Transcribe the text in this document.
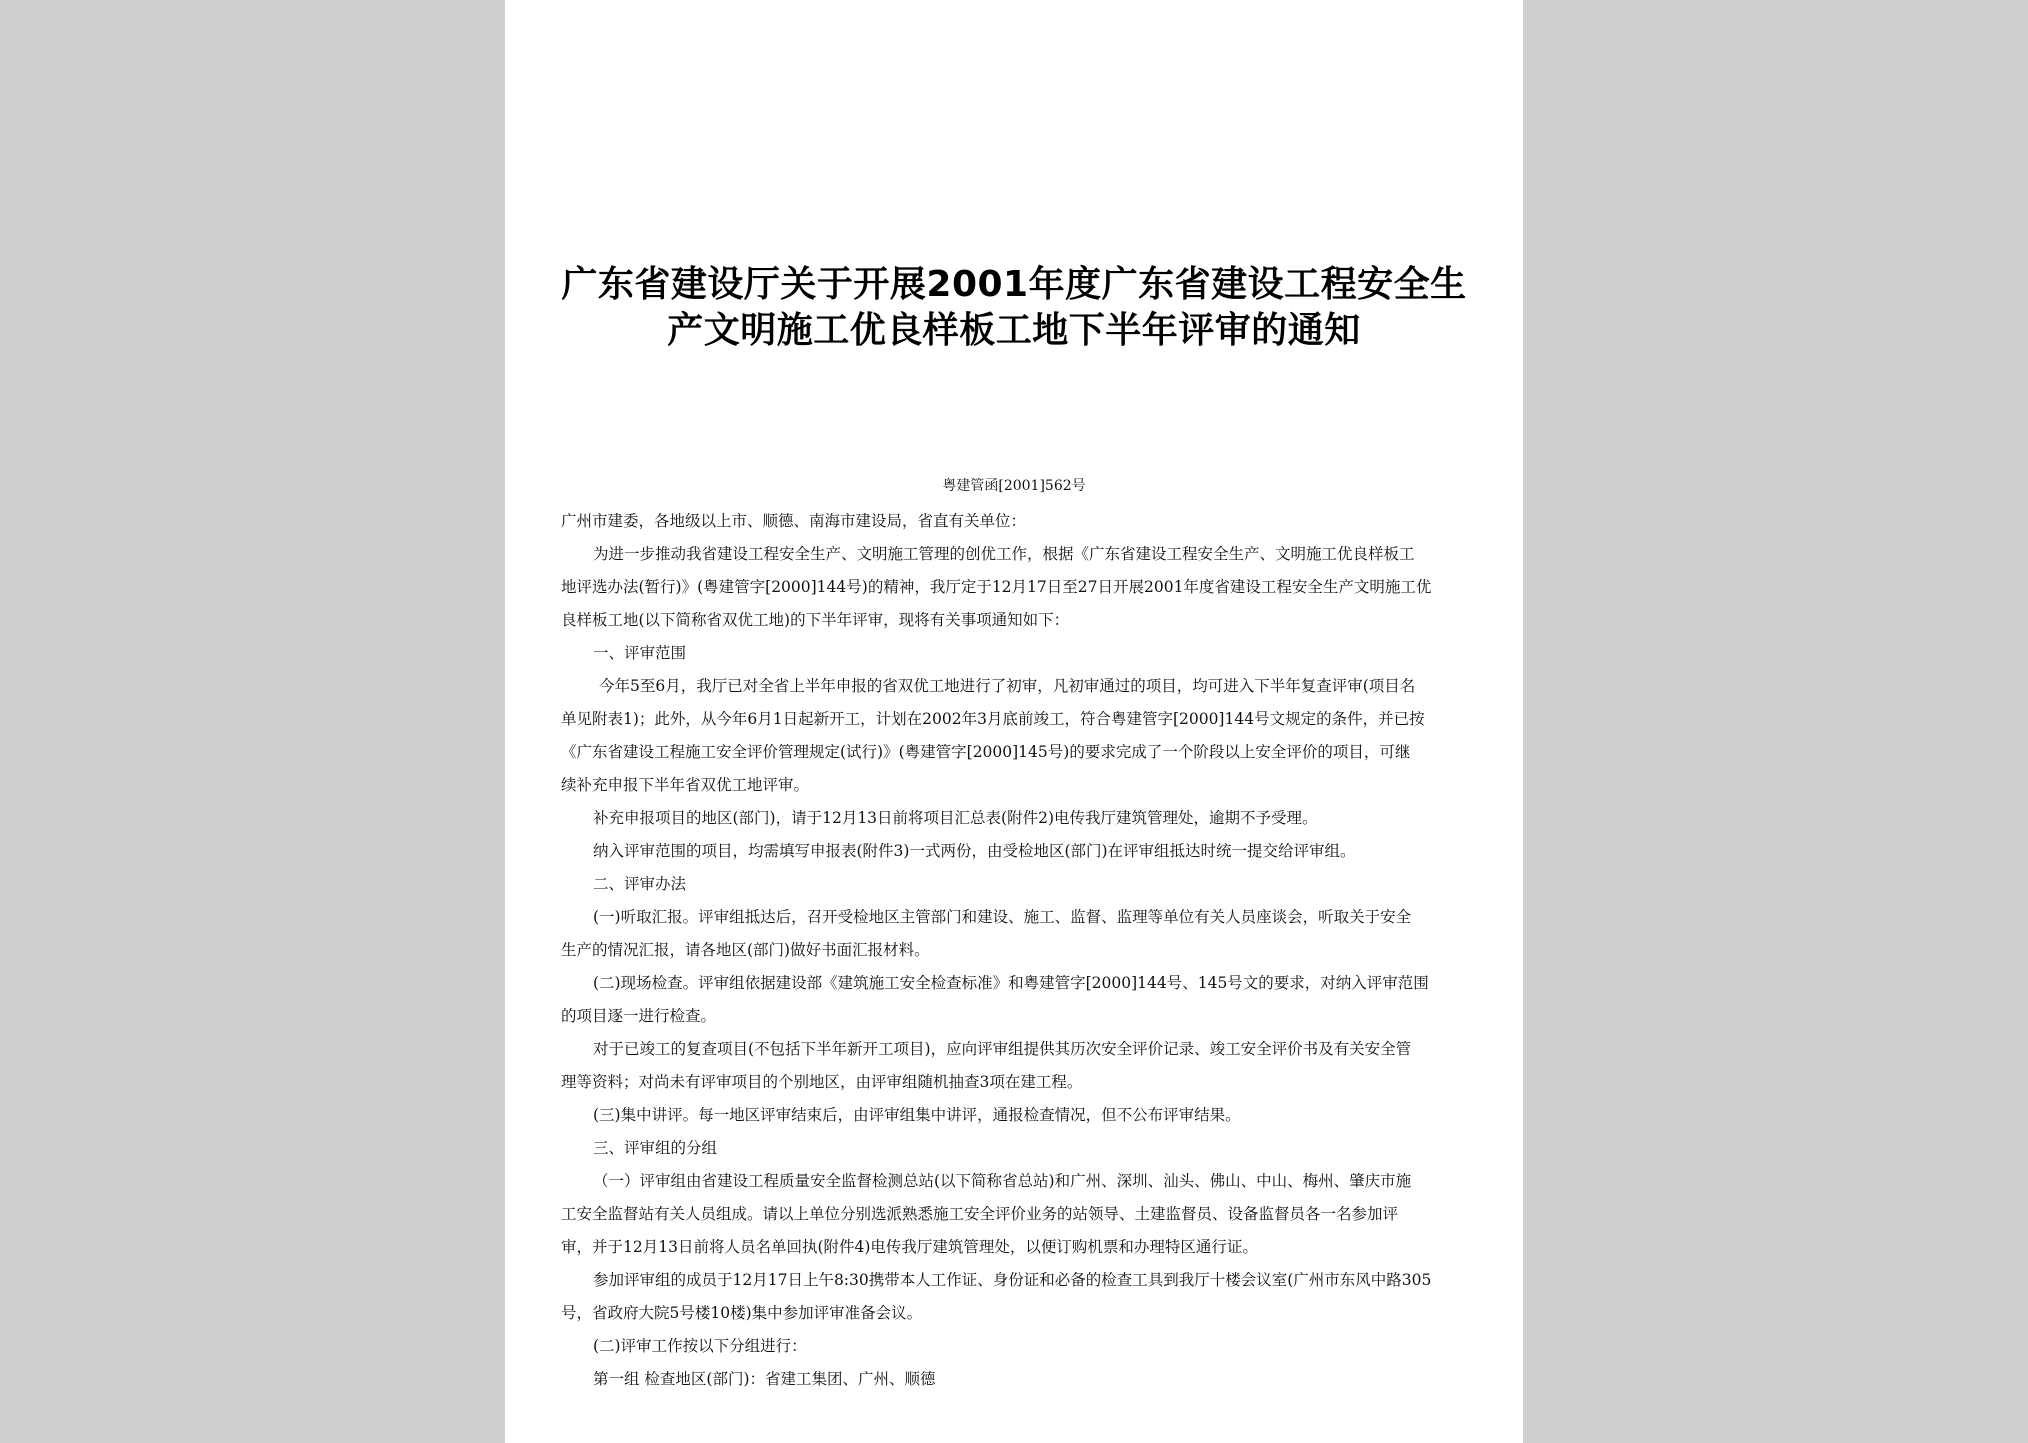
广东省建设厅关于开展2001年度广东省建设工程安全生
产文明施工优良样板工地下半年评审的通知
粤建管函[2001]562号
广州市建委，各地级以上市、顺德、南海市建设局，省直有关单位：
为进一步推动我省建设工程安全生产、文明施工管理的创优工作，根据《广东省建设工程安全生产、文明施工优良样板工
地评选办法(暂行)》(粤建管字[2000]144号)的精神，我厅定于12月17日至27日开展2001年度省建设工程安全生产文明施工优
良样板工地(以下简称省双优工地)的下半年评审，现将有关事项通知如下：
一、评审范围
今年5至6月，我厅已对全省上半年申报的省双优工地进行了初审，凡初审通过的项目，均可进入下半年复查评审(项目名
单见附表1)；此外，从今年6月1日起新开工，计划在2002年3月底前竣工，符合粤建管字[2000]144号文规定的条件，并已按
《广东省建设工程施工安全评价管理规定(试行)》(粤建管字[2000]145号)的要求完成了一个阶段以上安全评价的项目，可继
续补充申报下半年省双优工地评审。
补充申报项目的地区(部门)，请于12月13日前将项目汇总表(附件2)电传我厅建筑管理处，逾期不予受理。
纳入评审范围的项目，均需填写申报表(附件3)一式两份，由受检地区(部门)在评审组抵达时统一提交给评审组。
二、评审办法
(一)听取汇报。评审组抵达后，召开受检地区主管部门和建设、施工、监督、监理等单位有关人员座谈会，听取关于安全
生产的情况汇报，请各地区(部门)做好书面汇报材料。
(二)现场检查。评审组依据建设部《建筑施工安全检查标准》和粤建管字[2000]144号、145号文的要求，对纳入评审范围
的项目逐一进行检查。
对于已竣工的复查项目(不包括下半年新开工项目)，应向评审组提供其历次安全评价记录、竣工安全评价书及有关安全管
理等资料；对尚未有评审项目的个别地区，由评审组随机抽查3项在建工程。
(三)集中讲评。每一地区评审结束后，由评审组集中讲评，通报检查情况，但不公布评审结果。
三、评审组的分组
（一）评审组由省建设工程质量安全监督检测总站(以下简称省总站)和广州、深圳、汕头、佛山、中山、梅州、肇庆市施
工安全监督站有关人员组成。请以上单位分别选派熟悉施工安全评价业务的站领导、土建监督员、设备监督员各一名参加评
审，并于12月13日前将人员名单回执(附件4)电传我厅建筑管理处，以便订购机票和办理特区通行证。
参加评审组的成员于12月17日上午8:30携带本人工作证、身份证和必备的检查工具到我厅十楼会议室(广州市东风中路305
号，省政府大院5号楼10楼)集中参加评审准备会议。
(二)评审工作按以下分组进行：
第一组 检查地区(部门)：省建工集团、广州、顺德
